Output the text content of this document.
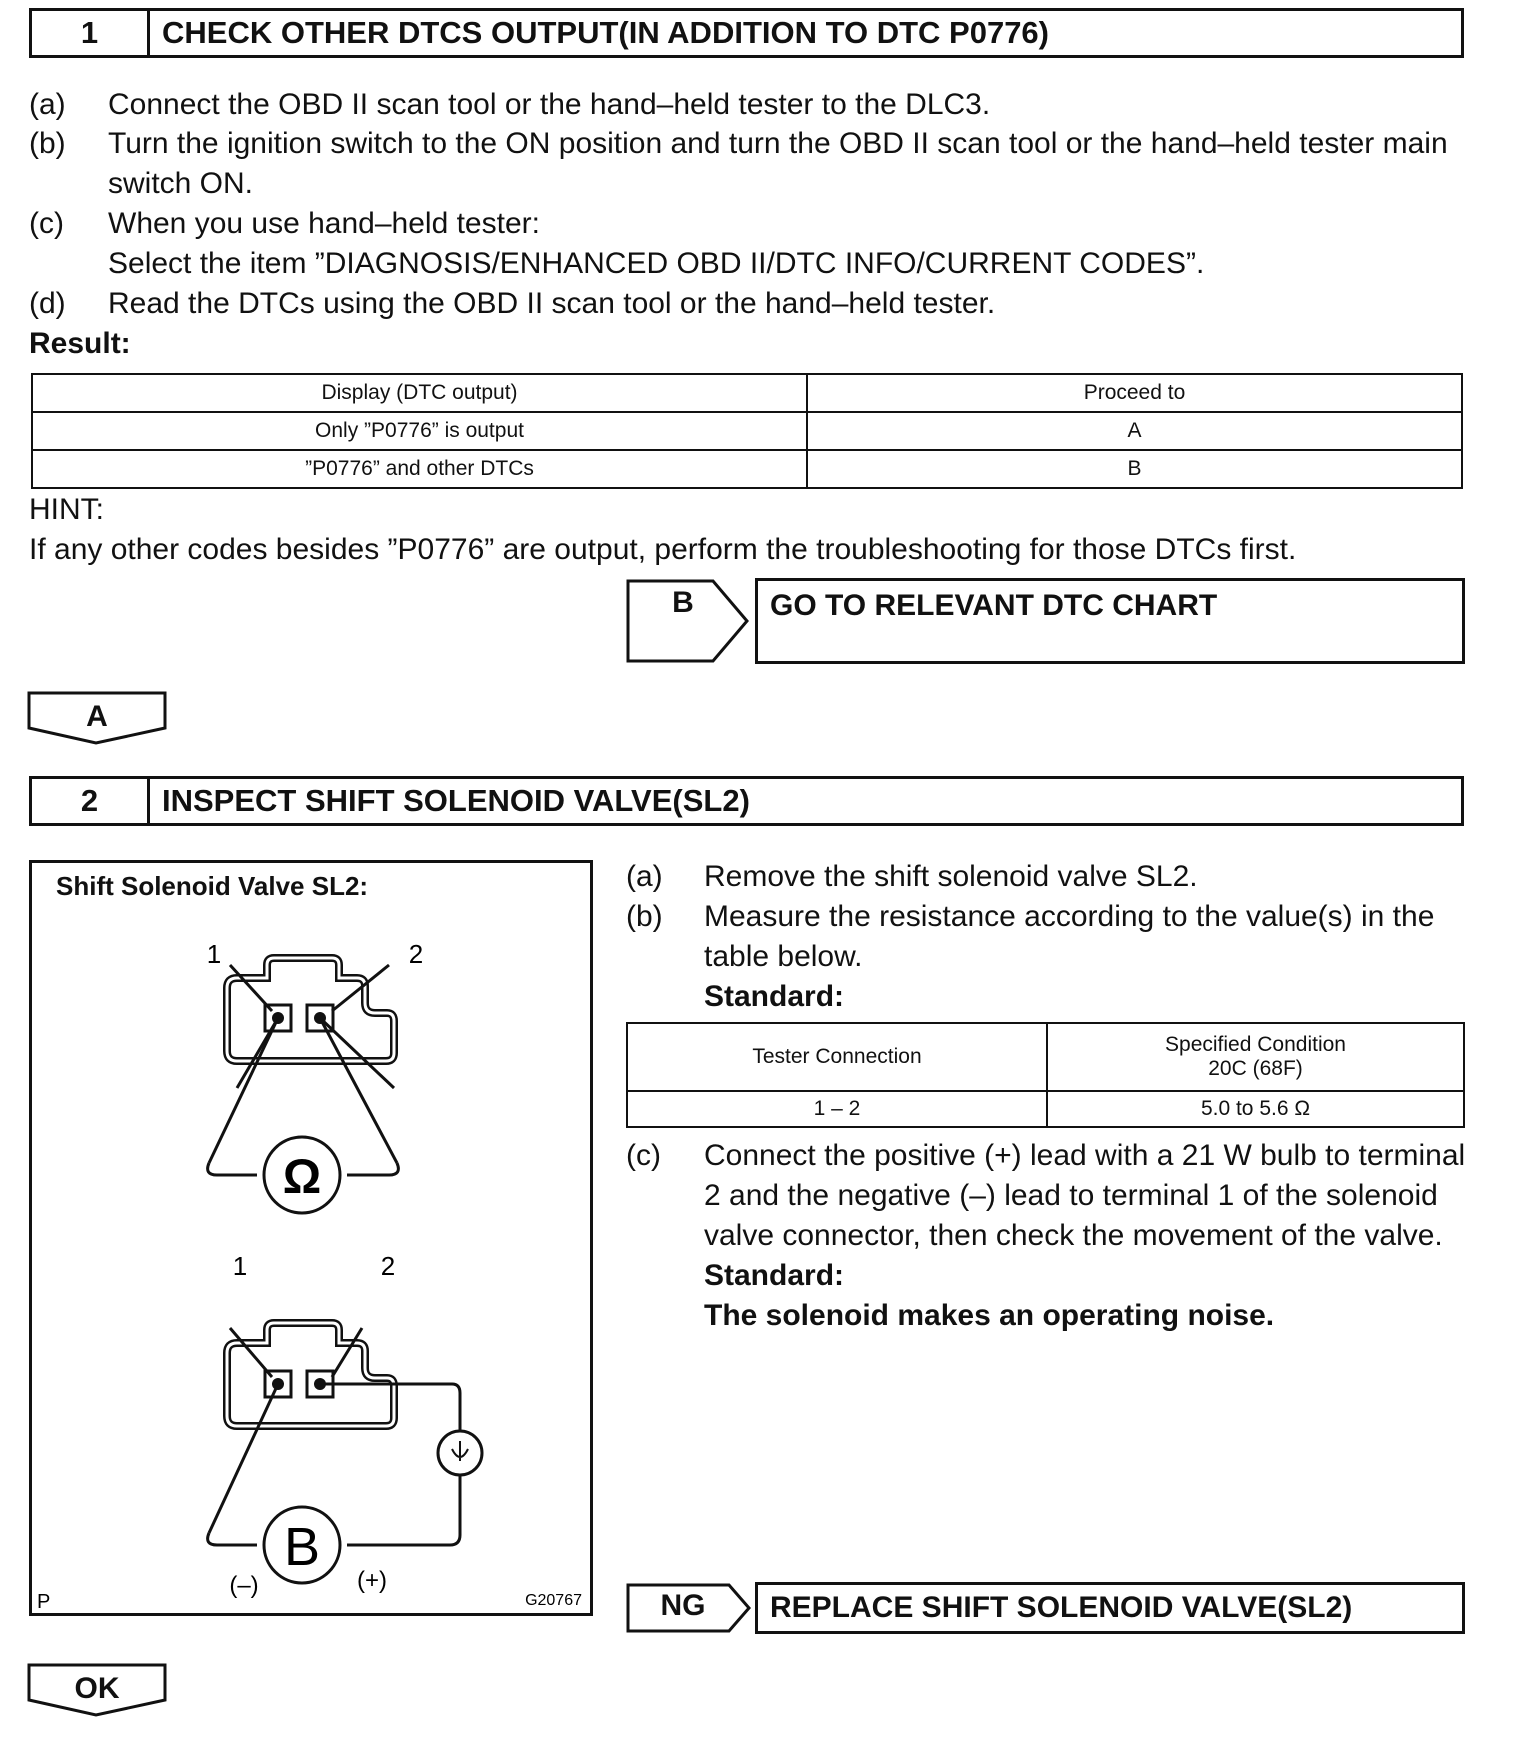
1	CHECK OTHER DTCS OUTPUT(IN ADDITION TO DTC P0776)
(a) Connect the OBD II scan tool or the hand–held tester to the DLC3.
(b) Turn the ignition switch to the ON position and turn the OBD II scan tool or the hand–held tester main
switch ON.
(c) When you use hand–held tester:
Select the item ”DIAGNOSIS/ENHANCED OBD II/DTC INFO/CURRENT CODES”.
(d) Read the DTCs using the OBD II scan tool or the hand–held tester.
Result:
Display (DTC output)	Proceed to
Only ”P0776” is output	A
”P0776” and other DTCs	B
HINT:
If any other codes besides ”P0776” are output, perform the troubleshooting for those DTCs first.
B	GO TO RELEVANT DTC CHART
A
2	INSPECT SHIFT SOLENOID VALVE(SL2)
Shift Solenoid Valve SL2:
Ω
1	2
B
1	2
(–)	(+)
P	G20767
(a) Remove the shift solenoid valve SL2.
(b) Measure the resistance according to the value(s) in the
table below.
Standard:
Tester Connection	Specified Condition
20C (68F)

1 – 2	5.0 to 5.6 Ω
(c) Connect the positive (+) lead with a 21 W bulb to terminal
2 and the negative (–) lead to terminal 1 of the solenoid
valve connector, then check the movement of the valve.
Standard:
The solenoid makes an operating noise.
NG	REPLACE SHIFT SOLENOID VALVE(SL2)
OK
